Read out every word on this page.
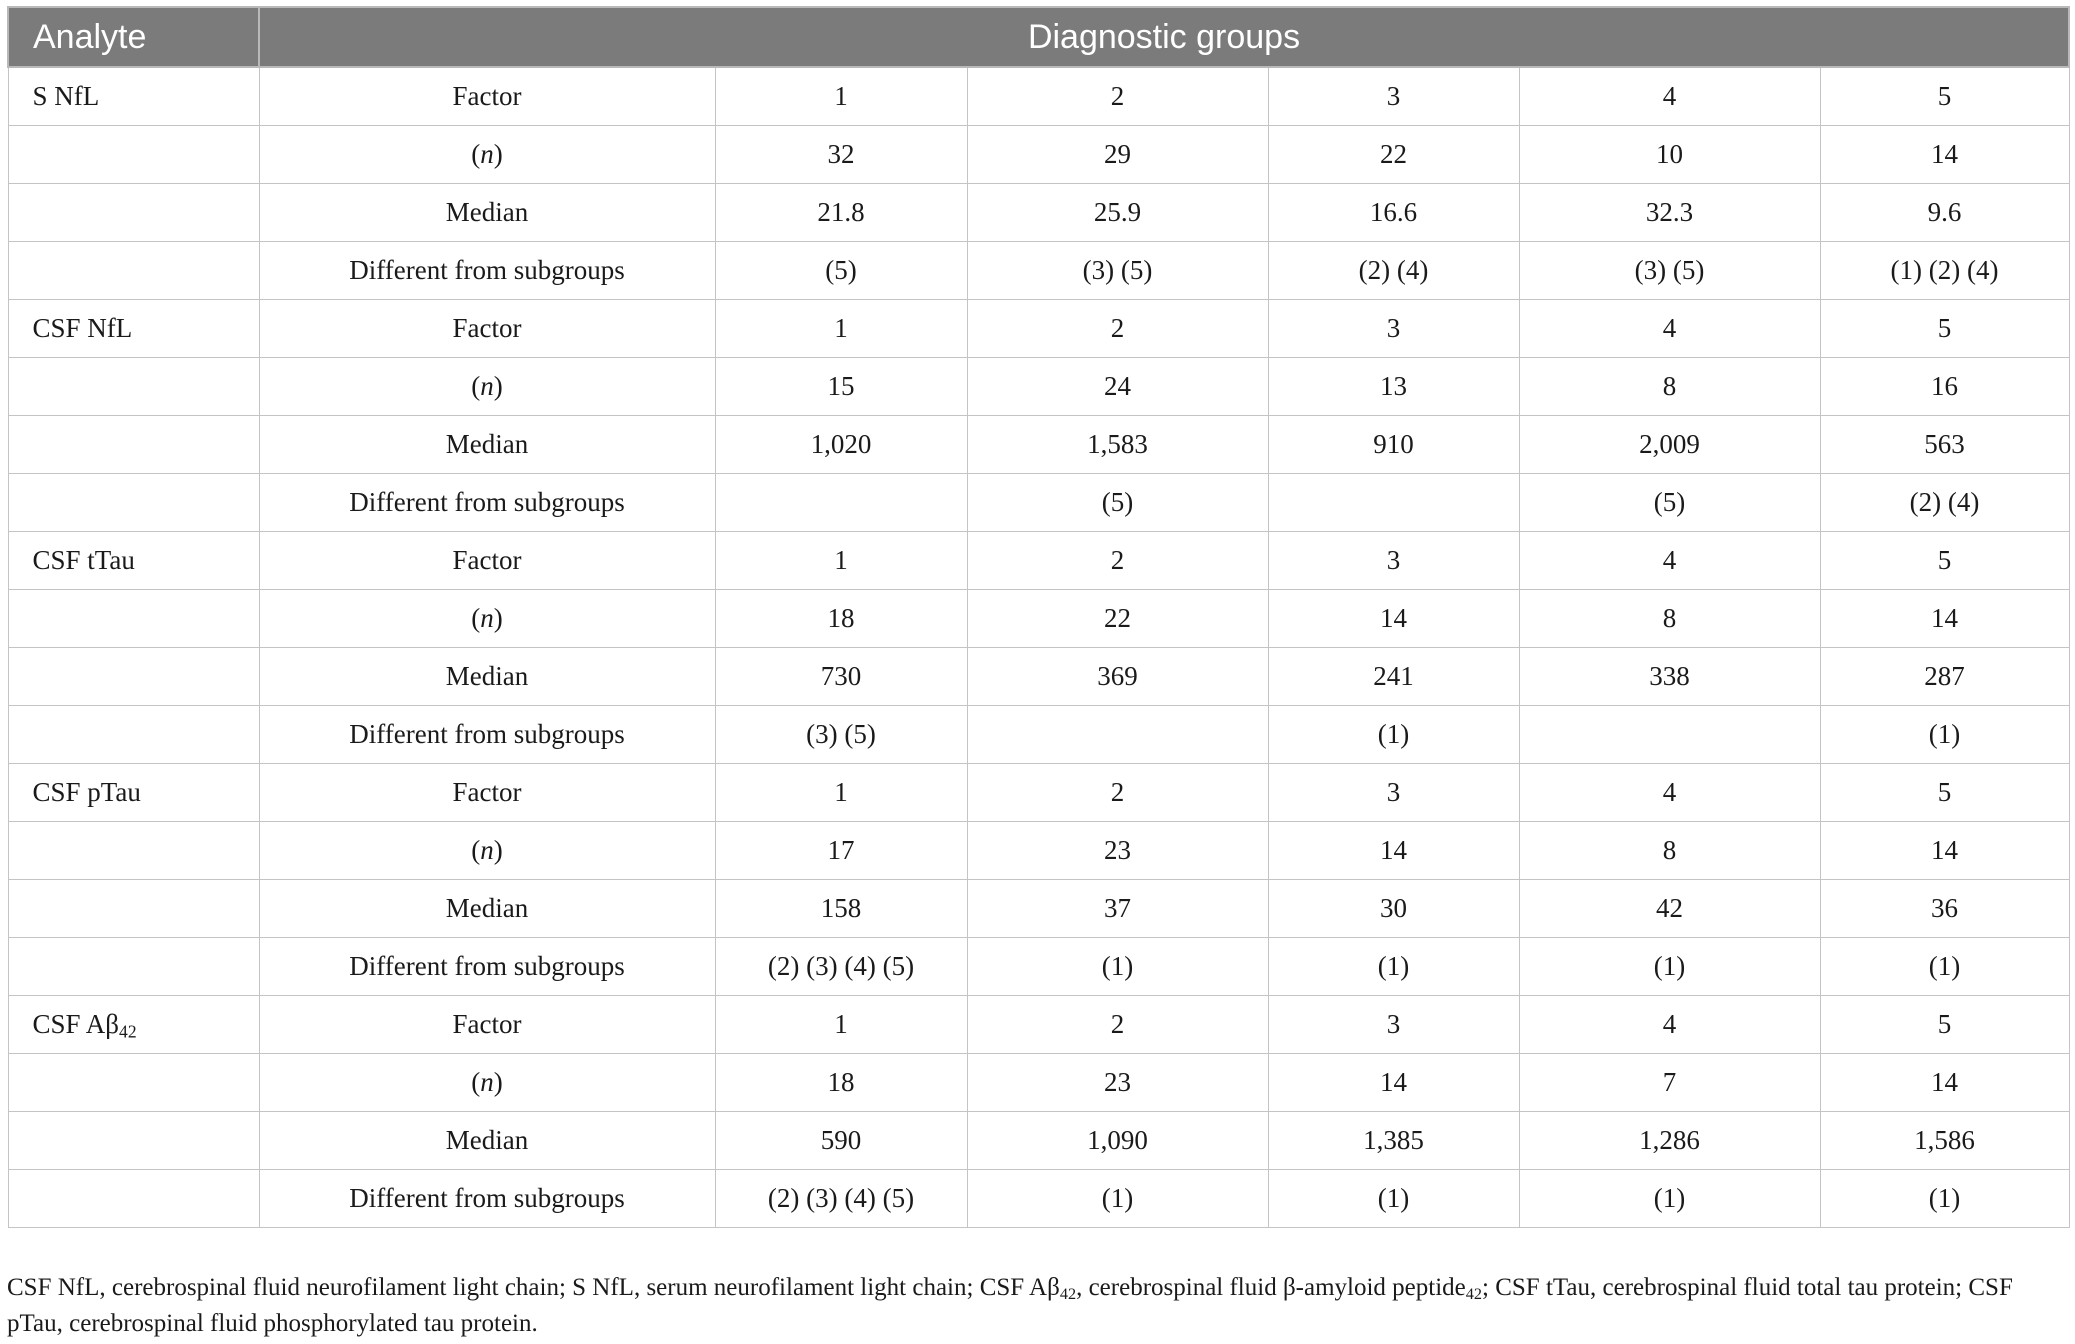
Analyte	Diagnostic groups					
S NfL	Factor	1	2	3	4	5
	(n)	32	29	22	10	14
	Median	21.8	25.9	16.6	32.3	9.6
	Different from subgroups	(5)	(3) (5)	(2) (4)	(3) (5)	(1) (2) (4)
CSF NfL	Factor	1	2	3	4	5
	(n)	15	24	13	8	16
	Median	1,020	1,583	910	2,009	563
	Different from subgroups		(5)		(5)	(2) (4)
CSF tTau	Factor	1	2	3	4	5
	(n)	18	22	14	8	14
	Median	730	369	241	338	287
	Different from subgroups	(3) (5)		(1)		(1)
CSF pTau	Factor	1	2	3	4	5
	(n)	17	23	14	8	14
	Median	158	37	30	42	36
	Different from subgroups	(2) (3) (4) (5)	(1)	(1)	(1)	(1)
CSF $A\beta_{42}$	Factor	1	2	3	4	5
	(n)	18	23	14	7	14
	Median	590	1,090	1,385	1,286	1,586
	Different from subgroups	(2) (3) (4) (5)	(1)	(1)	(1)	(1)
CSF NfL, cerebrospinal fluid neurofilament light chain; S NfL, serum neurofilament light chain; CSF $A\beta_{42}$, cerebrospinal fluid β-amyloid peptide$_{42}$; CSF tTau, cerebrospinal fluid total tau protein; CSF pTau, cerebrospinal fluid phosphorylated tau protein.
